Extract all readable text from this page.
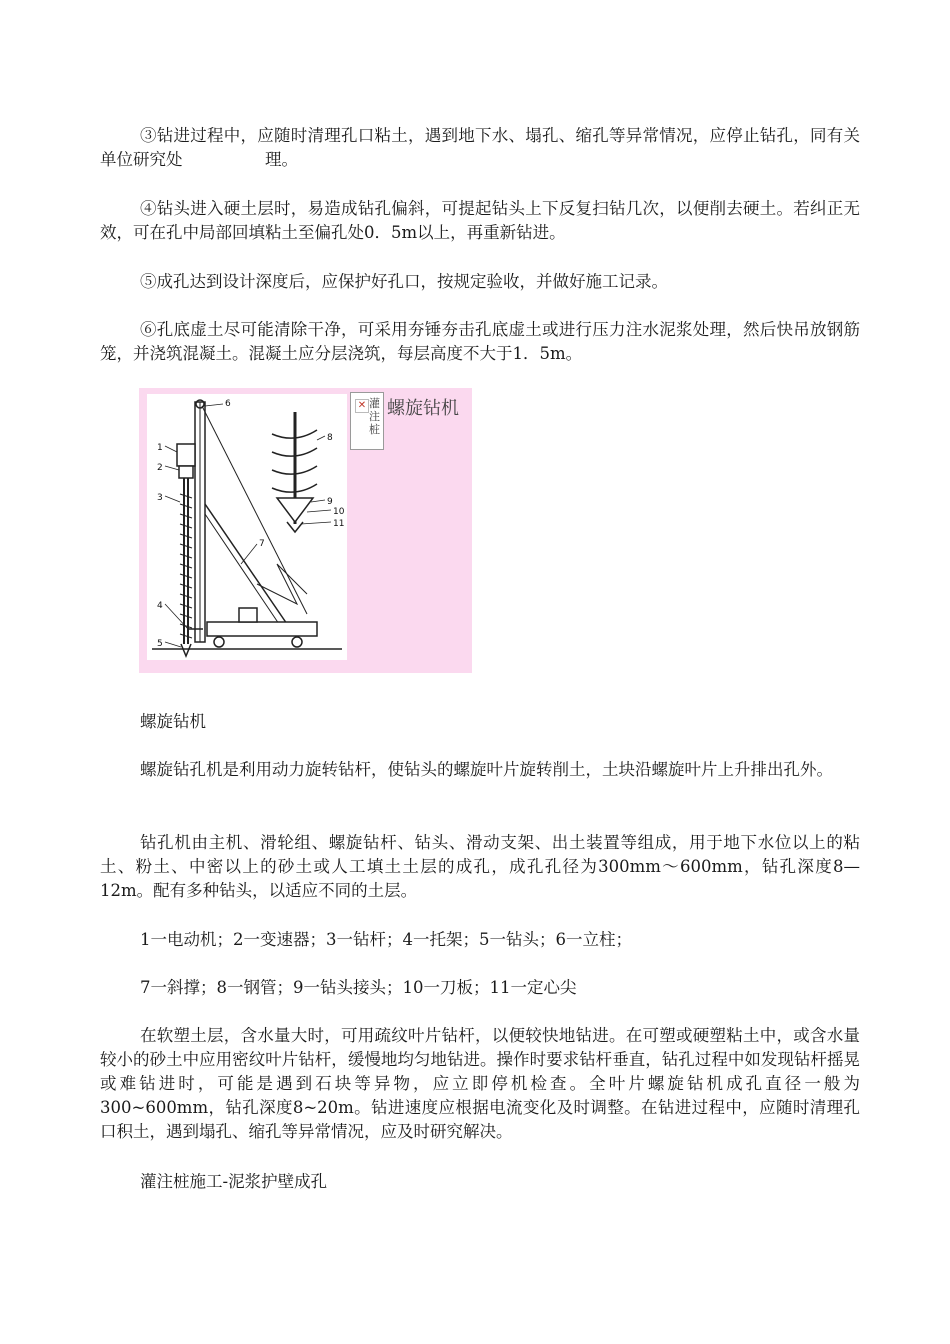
③钻进过程中，应随时清理孔口粘土，遇到地下水、塌孔、缩孔等异常情况，应停止钻孔，同有关单位研究处　　　　　理。

④钻头进入硬土层时，易造成钻孔偏斜，可提起钻头上下反复扫钻几次，以便削去硬土。若纠正无效，可在孔中局部回填粘土至偏孔处0．5m以上，再重新钻进。

⑤成孔达到设计深度后，应保护好孔口，按规定验收，并做好施工记录。

⑥孔底虚土尽可能清除干净，可采用夯锤夯击孔底虚土或进行压力注水泥浆处理，然后快吊放钢筋笼，并浇筑混凝土。混凝土应分层浇筑，每层高度不大于1．5m。

1
2
3
4
5
6
7
8
9
10
11
✕ 灌注桩
螺旋钻机

螺旋钻机

螺旋钻孔机是利用动力旋转钻杆，使钻头的螺旋叶片旋转削土，土块沿螺旋叶片上升排出孔外。

钻孔机由主机、滑轮组、螺旋钻杆、钻头、滑动支架、出土装置等组成，用于地下水位以上的粘土、粉土、中密以上的砂土或人工填土土层的成孔，成孔孔径为300mm～600mm，钻孔深度8—12m。配有多种钻头，以适应不同的土层。

1一电动机；2一变速器；3一钻杆；4一托架；5一钻头；6一立柱；

7一斜撑；8一钢管；9一钻头接头；10一刀板；11一定心尖

在软塑土层，含水量大时，可用疏纹叶片钻杆，以便较快地钻进。在可塑或硬塑粘土中，或含水量较小的砂土中应用密纹叶片钻杆，缓慢地均匀地钻进。操作时要求钻杆垂直，钻孔过程中如发现钻杆摇晃或难钻进时，可能是遇到石块等异物，应立即停机检查。全叶片螺旋钻机成孔直径一般为300~600mm，钻孔深度8~20m。钻进速度应根据电流变化及时调整。在钻进过程中，应随时清理孔口积土，遇到塌孔、缩孔等异常情况，应及时研究解决。

灌注桩施工-泥浆护壁成孔
